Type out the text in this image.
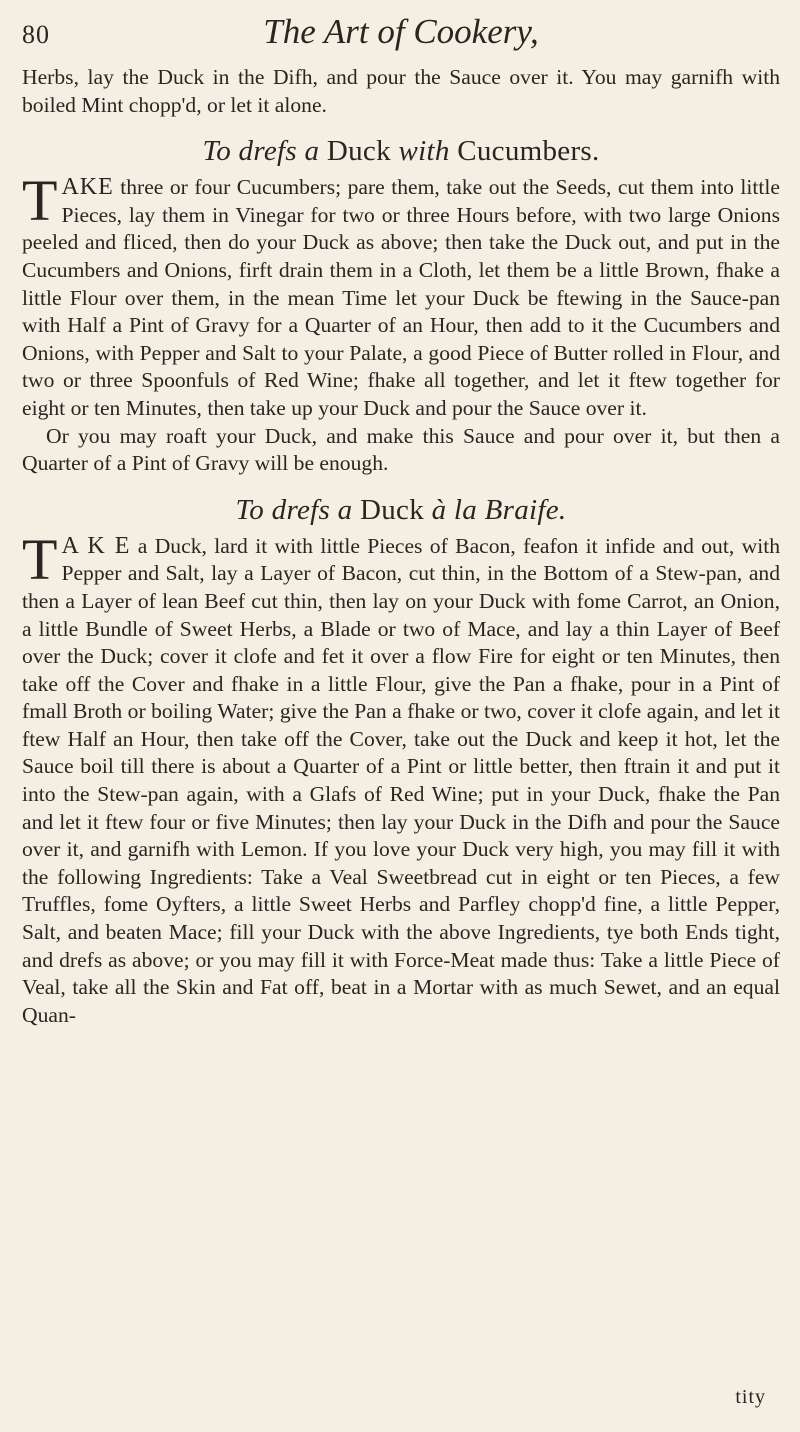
80	The Art of Cookery,

Herbs, lay the Duck in the Difh, and pour the Sauce over it. You may garnifh with boiled Mint chopp'd, or let it alone.

To drefs a Duck with Cucumbers.

TAKE three or four Cucumbers; pare them, take out the Seeds, cut them into little Pieces, lay them in Vinegar for two or three Hours before, with two large Onions peeled and fliced, then do your Duck as above; then take the Duck out, and put in the Cucumbers and Onions, firft drain them in a Cloth, let them be a little Brown, fhake a little Flour over them, in the mean Time let your Duck be ftewing in the Sauce-pan with Half a Pint of Gravy for a Quarter of an Hour, then add to it the Cucumbers and Onions, with Pepper and Salt to your Palate, a good Piece of Butter rolled in Flour, and two or three Spoonfuls of Red Wine; fhake all together, and let it ftew together for eight or ten Minutes, then take up your Duck and pour the Sauce over it.

Or you may roaft your Duck, and make this Sauce and pour over it, but then a Quarter of a Pint of Gravy will be enough.

To drefs a Duck à la Braife.

T A K E a Duck, lard it with little Pieces of Bacon, feafon it infide and out, with Pepper and Salt, lay a Layer of Bacon, cut thin, in the Bottom of a Stew-pan, and then a Layer of lean Beef cut thin, then lay on your Duck with fome Carrot, an Onion, a little Bundle of Sweet Herbs, a Blade or two of Mace, and lay a thin Layer of Beef over the Duck; cover it clofe and fet it over a flow Fire for eight or ten Minutes, then take off the Cover and fhake in a little Flour, give the Pan a fhake, pour in a Pint of fmall Broth or boiling Water; give the Pan a fhake or two, cover it clofe again, and let it ftew Half an Hour, then take off the Cover, take out the Duck and keep it hot, let the Sauce boil till there is about a Quarter of a Pint or little better, then ftrain it and put it into the Stew-pan again, with a Glafs of Red Wine; put in your Duck, fhake the Pan and let it ftew four or five Minutes; then lay your Duck in the Difh and pour the Sauce over it, and garnifh with Lemon. If you love your Duck very high, you may fill it with the following Ingredients: Take a Veal Sweetbread cut in eight or ten Pieces, a few Truffles, fome Oyfters, a little Sweet Herbs and Parfley chopp'd fine, a little Pepper, Salt, and beaten Mace; fill your Duck with the above Ingredients, tye both Ends tight, and drefs as above; or you may fill it with Force-Meat made thus: Take a little Piece of Veal, take all the Skin and Fat off, beat in a Mortar with as much Sewet, and an equal Quan-

tity
